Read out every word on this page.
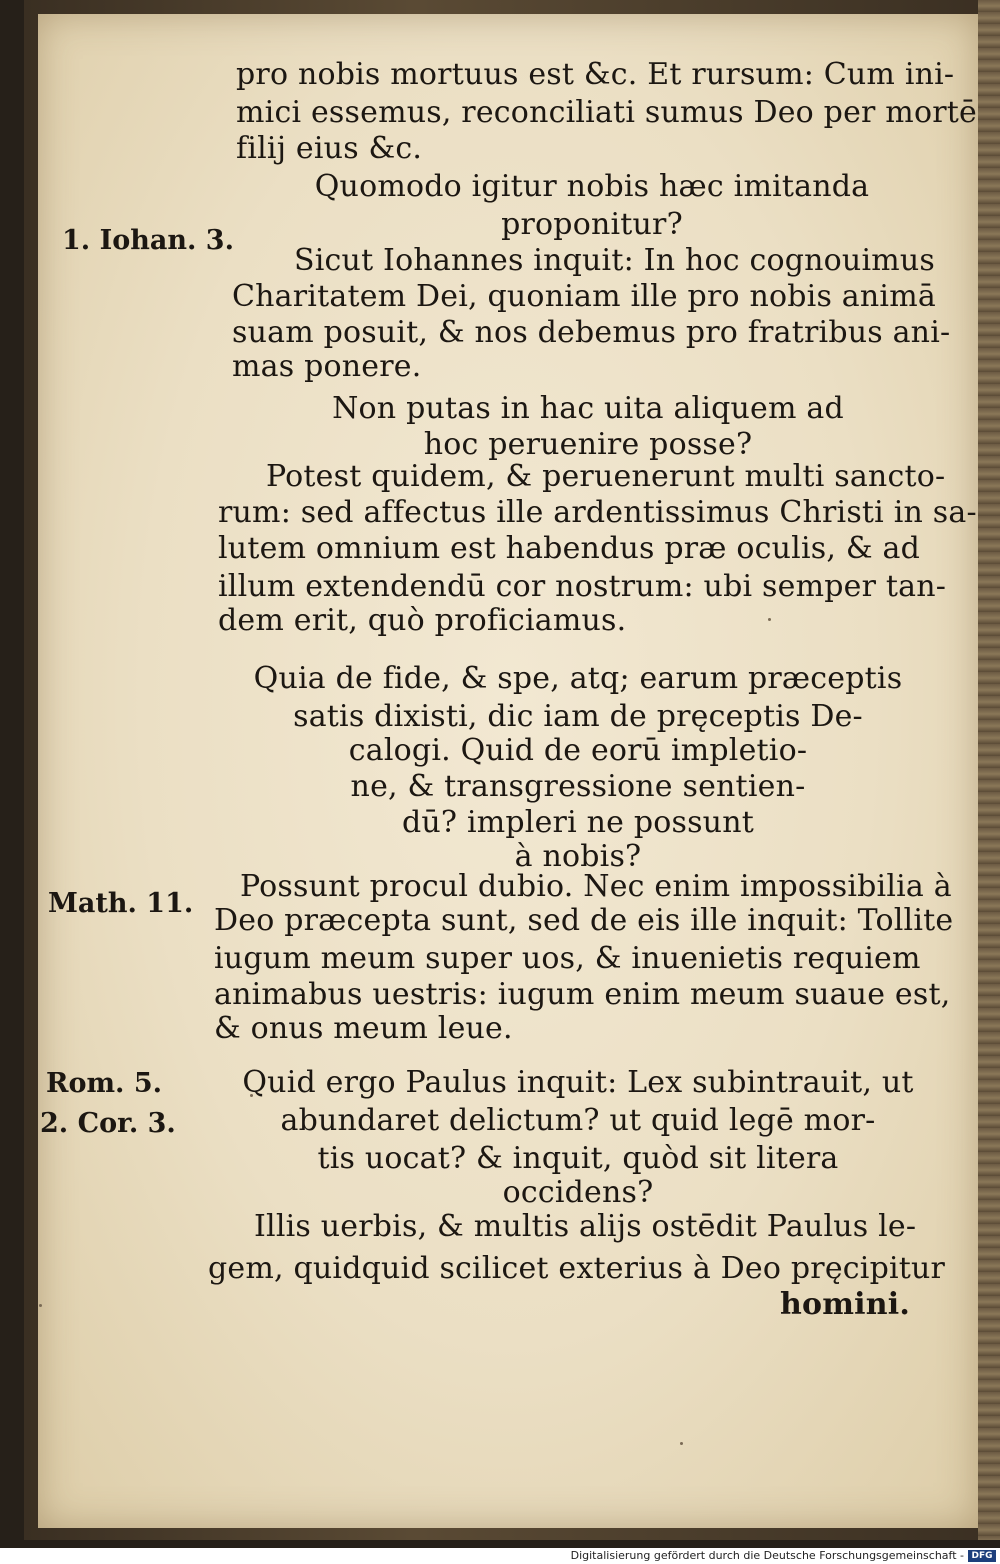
1. Iohan. 3.
Math. 11.
Rom. 5.
2. Cor. 3.
pro nobis mortuus est &c. Et rursum: Cum ini-
mici essemus, reconciliati sumus Deo per mortē
filij eius &c.
Quomodo igitur nobis hæc imitanda
proponitur?
Sicut Iohannes inquit: In hoc cognouimus
Charitatem Dei, quoniam ille pro nobis animā
suam posuit, & nos debemus pro fratribus ani-
mas ponere.
Non putas in hac uita aliquem ad
hoc peruenire posse?
Potest quidem, & peruenerunt multi sancto-
rum: sed affectus ille ardentissimus Christi in sa-
lutem omnium est habendus præ oculis, & ad
illum extendendū cor nostrum: ubi semper tan-
dem erit, quò proficiamus.
Quia de fide, & spe, atq; earum præceptis
satis dixisti, dic iam de pręceptis De-
calogi. Quid de eorū impletio-
ne, & transgressione sentien-
dū? impleri ne possunt
à nobis?
Possunt procul dubio. Nec enim impossibilia à
Deo præcepta sunt, sed de eis ille inquit: Tollite
iugum meum super uos, & inuenietis requiem
animabus uestris: iugum enim meum suaue est,
& onus meum leue.
Quid ergo Paulus inquit: Lex subintrauit, ut
abundaret delictum? ut quid legē mor-
tis uocat? & inquit, quòd sit litera
occidens?
Illis uerbis, & multis alijs ostēdit Paulus le-
gem, quidquid scilicet exterius à Deo pręcipitur
homini.
Digitalisierung gefördert durch die Deutsche Forschungsgemeinschaft - DFG
